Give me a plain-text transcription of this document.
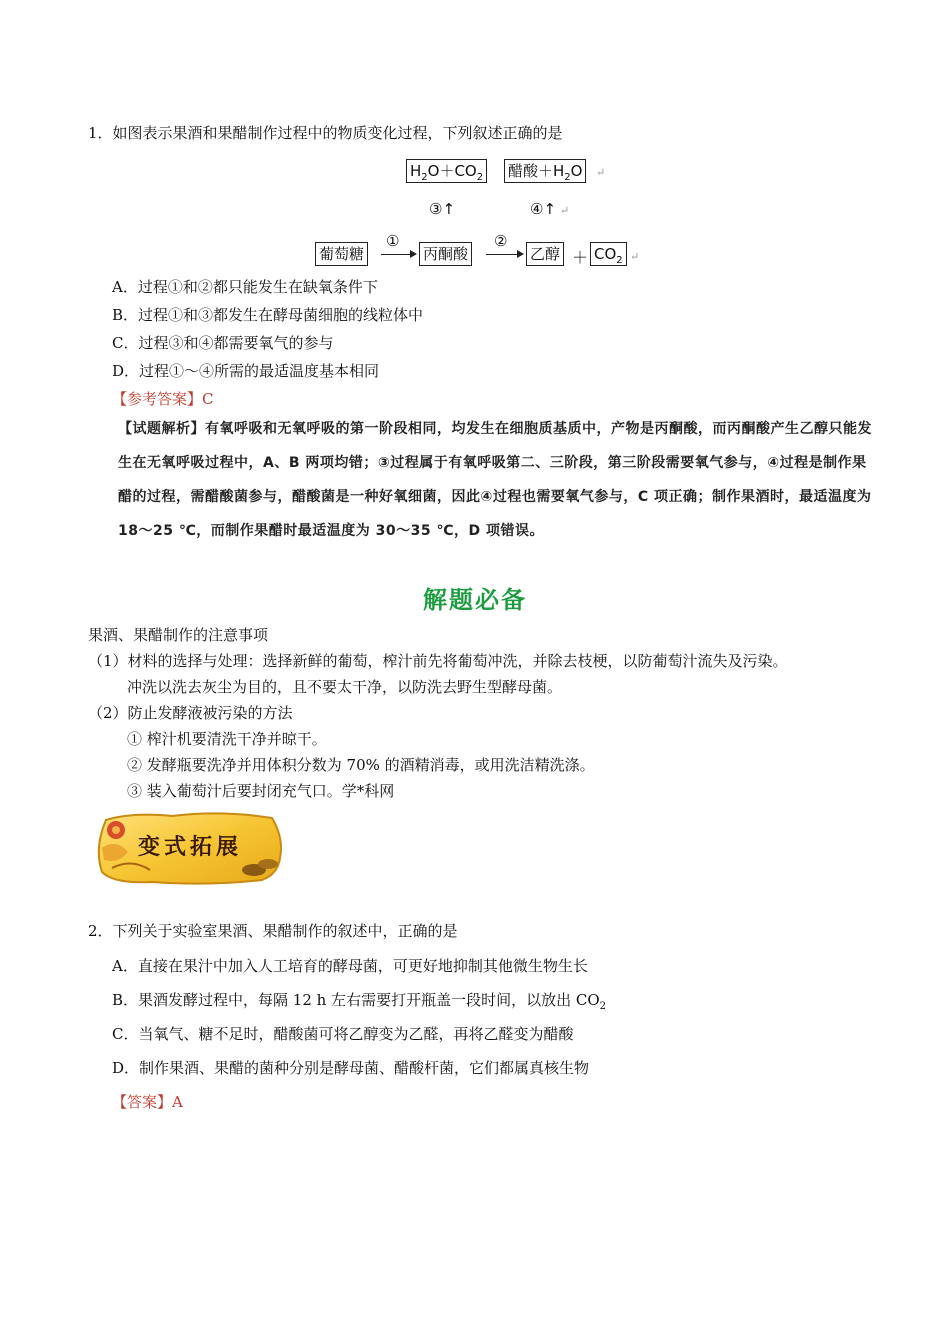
1．如图表示果酒和果醋制作过程中的物质变化过程，下列叙述正确的是
$H_2O+CO_2$ 醋酸$+H_2O$	↵
③↑	④↑ ↵
葡萄糖
①
丙酮酸
②
乙醇 ＋ $CO_2$ ↵
A．过程①和②都只能发生在缺氧条件下
B．过程①和③都发生在酵母菌细胞的线粒体中
C．过程③和④都需要氧气的参与
D．过程①～④所需的最适温度基本相同
【参考答案】C
【试题解析】有氧呼吸和无氧呼吸的第一阶段相同，均发生在细胞质基质中，产物是丙酮酸，而丙酮酸产生乙醇只能发生在无氧呼吸过程中，A、B 两项均错；③过程属于有氧呼吸第二、三阶段，第三阶段需要氧气参与，④过程是制作果醋的过程，需醋酸菌参与，醋酸菌是一种好氧细菌，因此④过程也需要氧气参与，C 项正确；制作果酒时，最适温度为 18～25 ℃，而制作果醋时最适温度为 30～35 ℃，D 项错误。
解题必备
果酒、果醋制作的注意事项
（1）材料的选择与处理：选择新鲜的葡萄，榨汁前先将葡萄冲洗，并除去枝梗，以防葡萄汁流失及污染。
冲洗以洗去灰尘为目的，且不要太干净，以防洗去野生型酵母菌。
（2）防止发酵液被污染的方法
① 榨汁机要清洗干净并晾干。
② 发酵瓶要洗净并用体积分数为 70% 的酒精消毒，或用洗洁精洗涤。
③ 装入葡萄汁后要封闭充气口。学*科网
变式拓展
2．下列关于实验室果酒、果醋制作的叙述中，正确的是
A．直接在果汁中加入人工培育的酵母菌，可更好地抑制其他微生物生长
B．果酒发酵过程中，每隔 12 h 左右需要打开瓶盖一段时间，以放出 $CO_2$
C．当氧气、糖不足时，醋酸菌可将乙醇变为乙醛，再将乙醛变为醋酸
D．制作果酒、果醋的菌种分别是酵母菌、醋酸杆菌，它们都属真核生物
【答案】A
